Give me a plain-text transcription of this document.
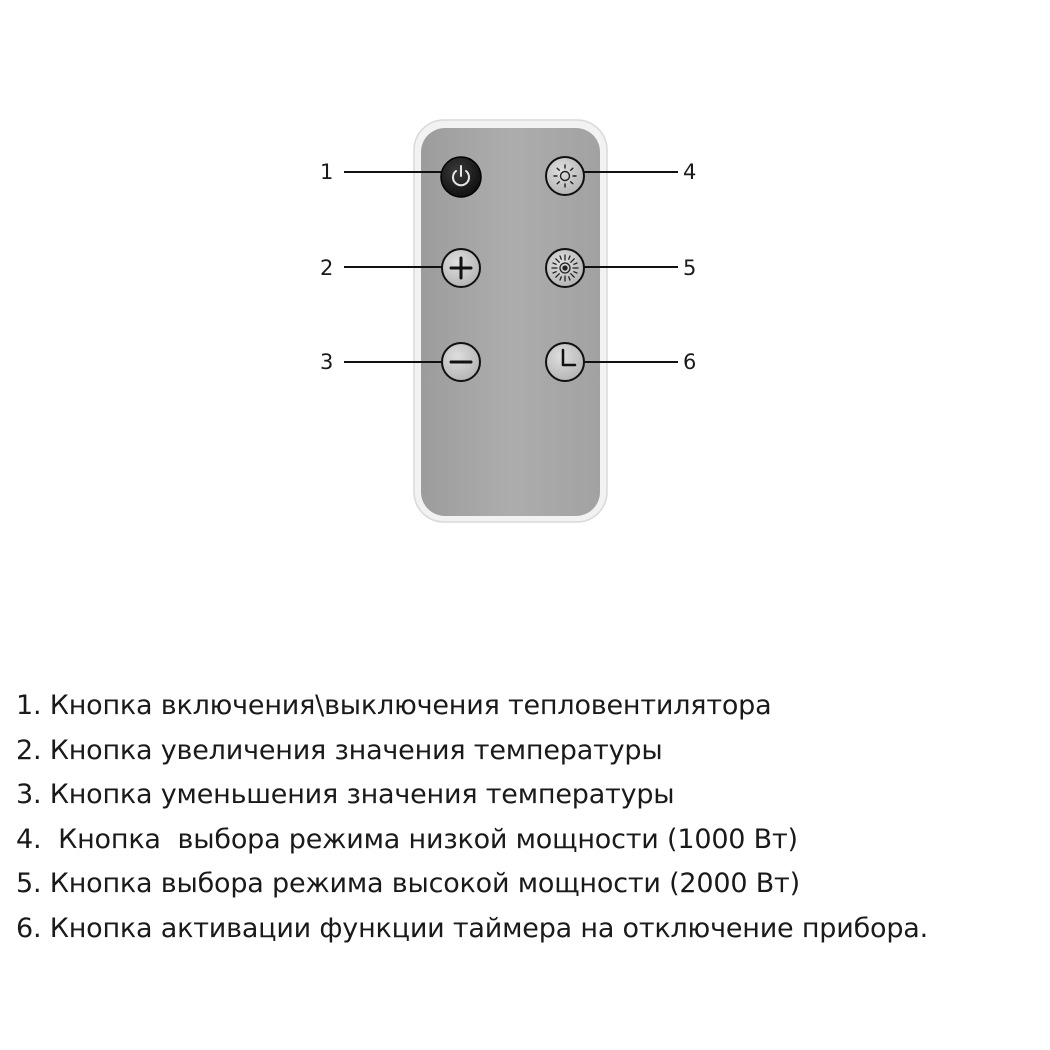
1
2
3
4
5
6
1. Кнопка включения\выключения тепловентилятора
2. Кнопка увеличения значения температуры
3. Кнопка уменьшения значения температуры
4.  Кнопка  выбора режима низкой мощности (1000 Вт)
5. Кнопка выбора режима высокой мощности (2000 Вт)
6. Кнопка активации функции таймера на отключение прибора.
